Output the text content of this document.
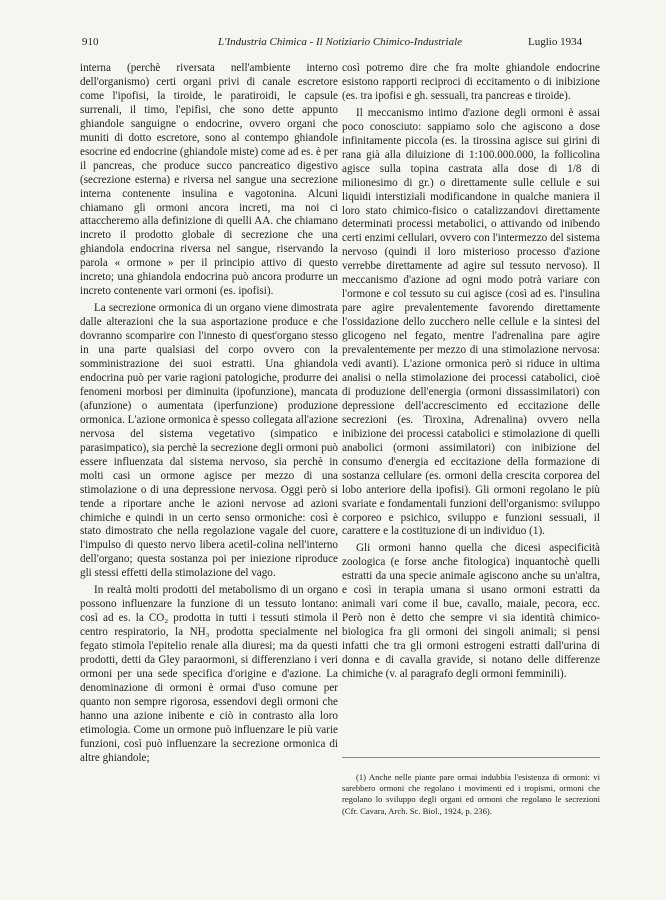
910	L'Industria Chimica - Il Notiziario Chimico-Industriale	Luglio 1934

interna (perchè riversata nell'ambiente interno dell'organismo) certi organi privi di canale escretore come l'ipofisi, la tiroide, le paratiroidi, le capsule surrenali, il timo, l'epifisi, che sono dette appunto ghiandole sanguigne o endocrine, ovvero organi che muniti di dotto escretore, sono al contempo ghiandole esocrine ed endocrine (ghiandole miste) come ad es. è per il pancreas, che produce succo pancreatico digestivo (secrezione esterna) e riversa nel sangue una secrezione interna contenente insulina e vagotonina. Alcuni chiamano gli ormoni ancora increti, ma noi ci attaccheremo alla definizione di quelli AA. che chiamano increto il prodotto globale di secrezione che una ghiandola endocrina riversa nel sangue, riservando la parola « ormone » per il principio attivo di questo increto; una ghiandola endocrina può ancora produrre un increto contenente vari ormoni (es. ipofisi).

La secrezione ormonica di un organo viene dimostrata dalle alterazioni che la sua asportazione produce e che dovranno scomparire con l'innesto di quest'organo stesso in una parte qualsiasi del corpo ovvero con la somministrazione dei suoi estratti. Una ghiandola endocrina può per varie ragioni patologiche, produrre dei fenomeni morbosi per diminuita (ipofunzione), mancata (afunzione) o aumentata (iperfunzione) produzione ormonica. L'azione ormonica è spesso collegata all'azione nervosa del sistema vegetativo (simpatico e parasimpatico), sia perchè la secrezione degli ormoni può essere influenzata dal sistema nervoso, sia perchè in molti casi un ormone agisce per mezzo di una stimolazione o di una depressione nervosa. Oggi però si tende a riportare anche le azioni nervose ad azioni chimiche e quindi in un certo senso ormoniche: così è stato dimostrato che nella regolazione vagale del cuore, l'impulso di questo nervo libera acetil-colina nell'interno dell'organo; questa sostanza poi per iniezione riproduce gli stessi effetti della stimolazione del vago.

In realtà molti prodotti del metabolismo di un organo possono influenzare la funzione di un tessuto lontano: così ad es. la CO₂ prodotta in tutti i tessuti stimola il centro respiratorio, la NH₃ prodotta specialmente nel fegato stimola l'epitelio renale alla diuresi; ma da questi prodotti, detti da Gley paraormoni, si differenziano i veri ormoni per una sede specifica d'origine e d'azione. La denominazione di ormoni è ormai d'uso comune per quanto non sempre rigorosa, essendovi degli ormoni che hanno una azione inibente e ciò in contrasto alla loro etimologia. Come un ormone può influenzare le più varie funzioni, così può influenzare la secrezione ormonica di altre ghiandole;

così potremo dire che fra molte ghiandole endocrine esistono rapporti reciproci di eccitamento o di inibizione (es. tra ipofisi e gh. sessuali, tra pancreas e tiroide).

Il meccanismo intimo d'azione degli ormoni è assai poco conosciuto: sappiamo solo che agiscono a dose infinitamente piccola (es. la tirossina agisce sui girini di rana già alla diluizione di 1:100.000.000, la follicolina agisce sulla topina castrata alla dose di 1/8 di milionesimo di gr.) o direttamente sulle cellule e sui liquidi interstiziali modificandone in qualche maniera il loro stato chimico-fisico o catalizzandovi direttamente determinati processi metabolici, o attivando od inibendo certi enzimi cellulari, ovvero con l'intermezzo del sistema nervoso (quindi il loro misterioso processo d'azione verrebbe direttamente ad agire sul tessuto nervoso). Il meccanismo d'azione ad ogni modo potrà variare con l'ormone e col tessuto su cui agisce (così ad es. l'insulina pare agire prevalentemente favorendo direttamente l'ossidazione dello zucchero nelle cellule e la sintesi del glicogeno nel fegato, mentre l'adrenalina pare agire prevalentemente per mezzo di una stimolazione nervosa: vedi avanti). L'azione ormonica però si riduce in ultima analisi o nella stimolazione dei processi catabolici, cioè di produzione dell'energia (ormoni dissassimilatori) con depressione dell'accrescimento ed eccitazione delle secrezioni (es. Tiroxina, Adrenalina) ovvero nella inibizione dei processi catabolici e stimolazione di quelli anabolici (ormoni assimilatori) con inibizione del consumo d'energia ed eccitazione della formazione di sostanza cellulare (es. ormoni della crescita corporea del lobo anteriore della ipofisi). Gli ormoni regolano le più svariate e fondamentali funzioni dell'organismo: sviluppo corporeo e psichico, sviluppo e funzioni sessuali, il carattere e la costituzione di un individuo (1).

Gli ormoni hanno quella che dicesi aspecificità zoologica (e forse anche fitologica) inquantochè quelli estratti da una specie animale agiscono anche su un'altra, e così in terapia umana si usano ormoni estratti da animali vari come il bue, cavallo, maiale, pecora, ecc. Però non è detto che sempre vi sia identità chimico-biologica fra gli ormoni dei singoli animali; si pensi infatti che tra gli ormoni estrogeni estratti dall'urina di donna e di cavalla gravide, si notano delle differenze chimiche (v. al paragrafo degli ormoni femminili).

(1) Anche nelle piante pare ormai indubbia l'esistenza di ormoni: vi sarebbero ormoni che regolano i movimenti ed i tropismi, ormoni che regolano lo sviluppo degli organi ed ormoni che regolano le secrezioni (Cfr. Cavara, Arch. Sc. Biol., 1924, p. 236).
